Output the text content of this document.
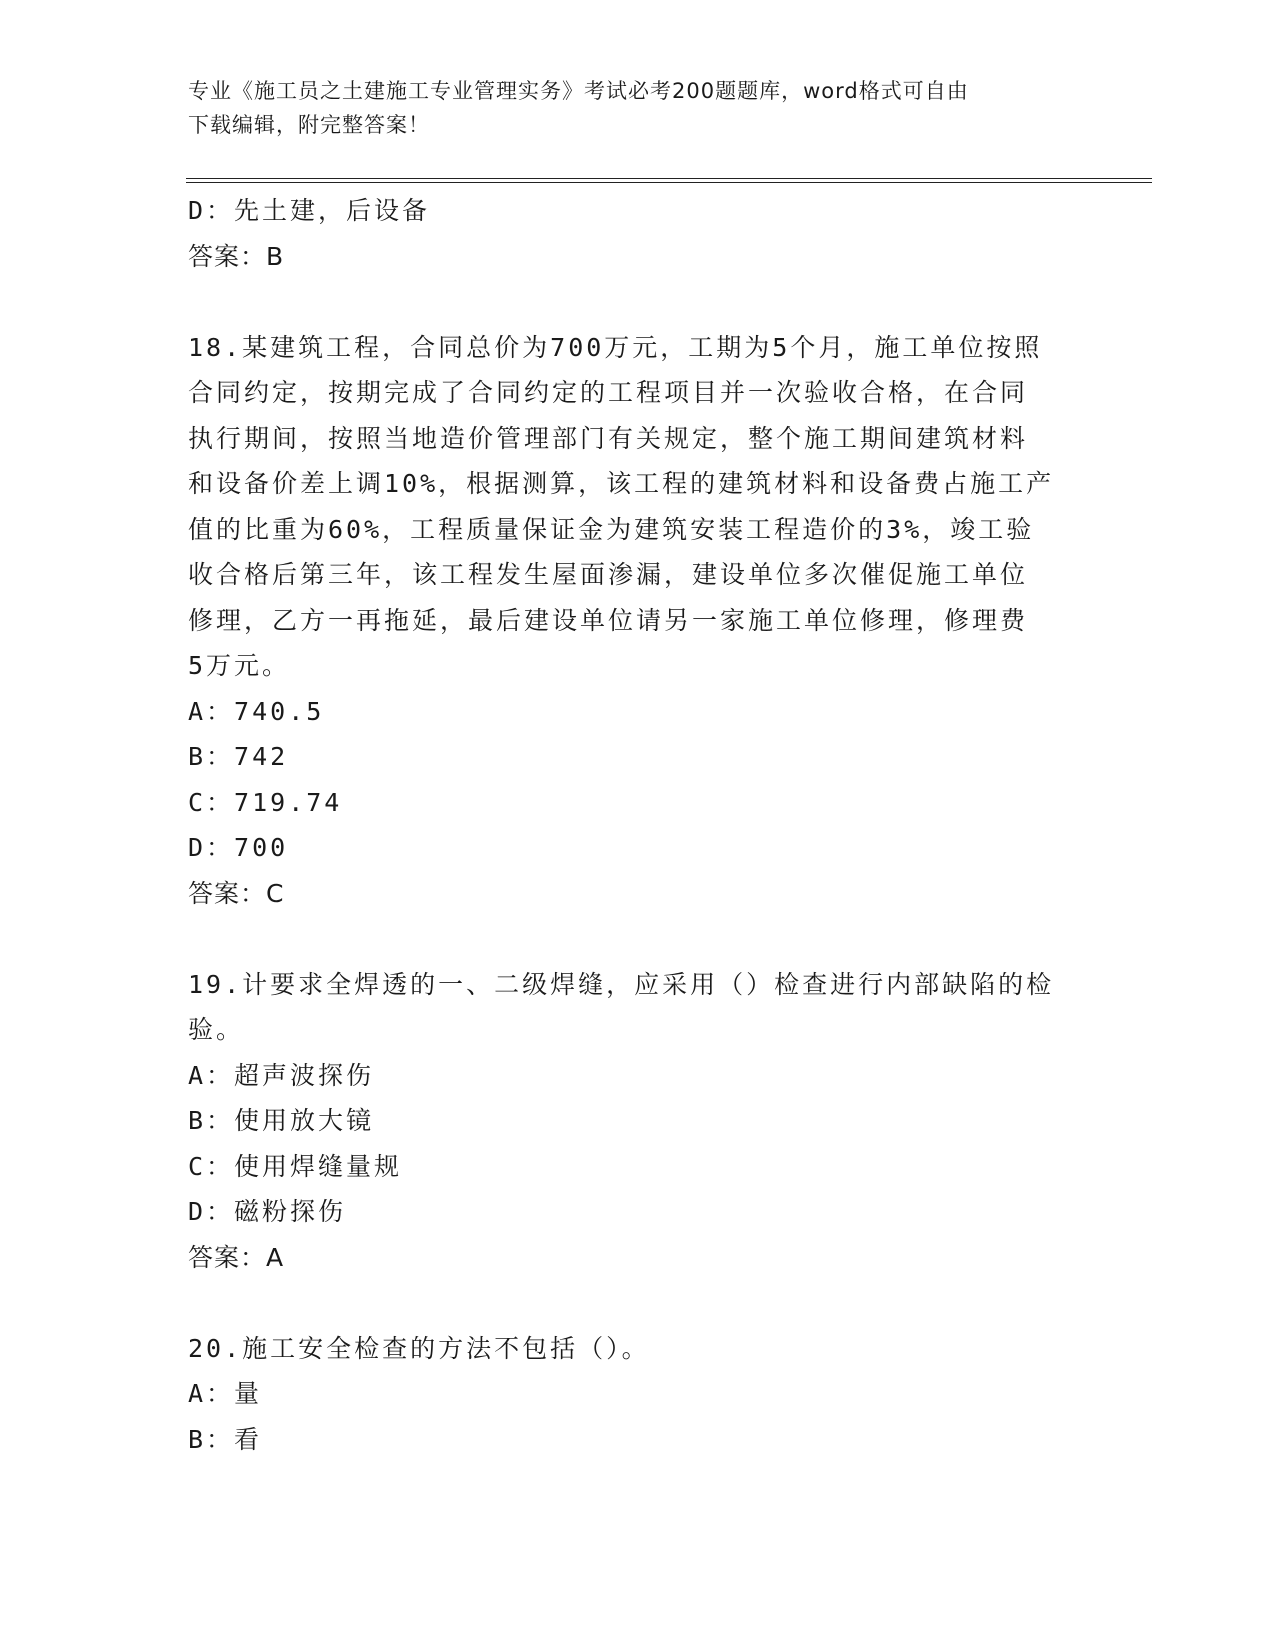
专业《施工员之土建施工专业管理实务》考试必考200题题库，word格式可自由
下载编辑，附完整答案！
D：先土建，后设备
答案：B
18.某建筑工程，合同总价为700万元，工期为5个月，施工单位按照
合同约定，按期完成了合同约定的工程项目并一次验收合格，在合同
执行期间，按照当地造价管理部门有关规定，整个施工期间建筑材料
和设备价差上调10%，根据测算，该工程的建筑材料和设备费占施工产
值的比重为60%，工程质量保证金为建筑安装工程造价的3%，竣工验
收合格后第三年，该工程发生屋面渗漏，建设单位多次催促施工单位
修理，乙方一再拖延，最后建设单位请另一家施工单位修理，修理费
5万元。
A：740.5
B：742
C：719.74
D：700
答案：C
19.计要求全焊透的一、二级焊缝，应采用（）检查进行内部缺陷的检
验。
A：超声波探伤
B：使用放大镜
C：使用焊缝量规
D：磁粉探伤
答案：A
20.施工安全检查的方法不包括（）。
A：量
B：看
